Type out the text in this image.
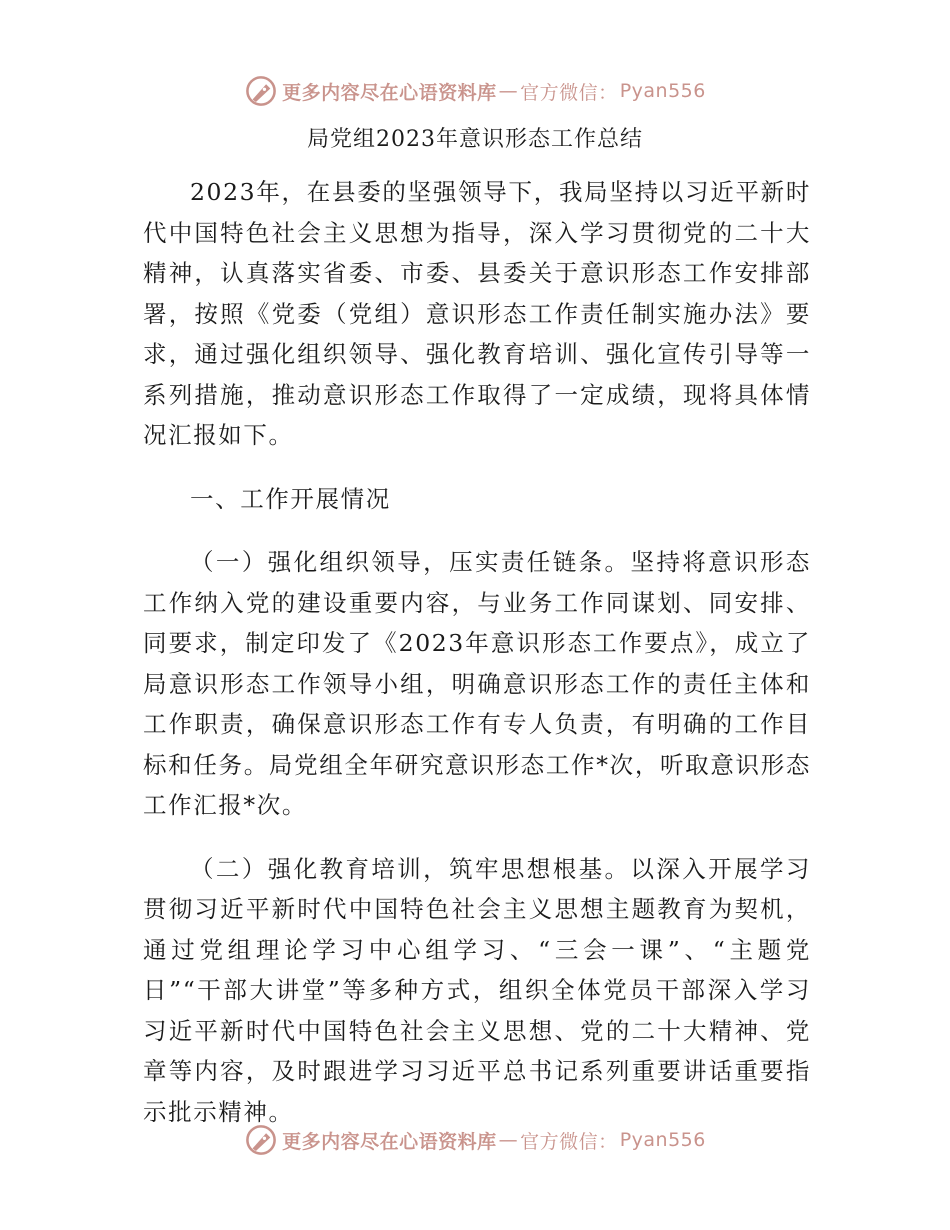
更多内容尽在心语资料库 — 官方微信： Pyan556
局党组2023年意识形态工作总结

2023年，在县委的坚强领导下，我局坚持以习近平新时代中国特色社会主义思想为指导，深入学习贯彻党的二十大精神，认真落实省委、市委、县委关于意识形态工作安排部署，按照《党委（党组）意识形态工作责任制实施办法》要求，通过强化组织领导、强化教育培训、强化宣传引导等一系列措施，推动意识形态工作取得了一定成绩，现将具体情况汇报如下。

一、工作开展情况

（一）强化组织领导，压实责任链条。坚持将意识形态工作纳入党的建设重要内容，与业务工作同谋划、同安排、同要求，制定印发了《2023年意识形态工作要点》，成立了局意识形态工作领导小组，明确意识形态工作的责任主体和工作职责，确保意识形态工作有专人负责，有明确的工作目标和任务。局党组全年研究意识形态工作*次，听取意识形态工作汇报*次。

（二）强化教育培训，筑牢思想根基。以深入开展学习贯彻习近平新时代中国特色社会主义思想主题教育为契机，通过党组理论学习中心组学习、“三会一课”、“主题党日”“干部大讲堂”等多种方式，组织全体党员干部深入学习习近平新时代中国特色社会主义思想、党的二十大精神、党章等内容，及时跟进学习习近平总书记系列重要讲话重要指示批示精神。

更多内容尽在心语资料库 — 官方微信： Pyan556
